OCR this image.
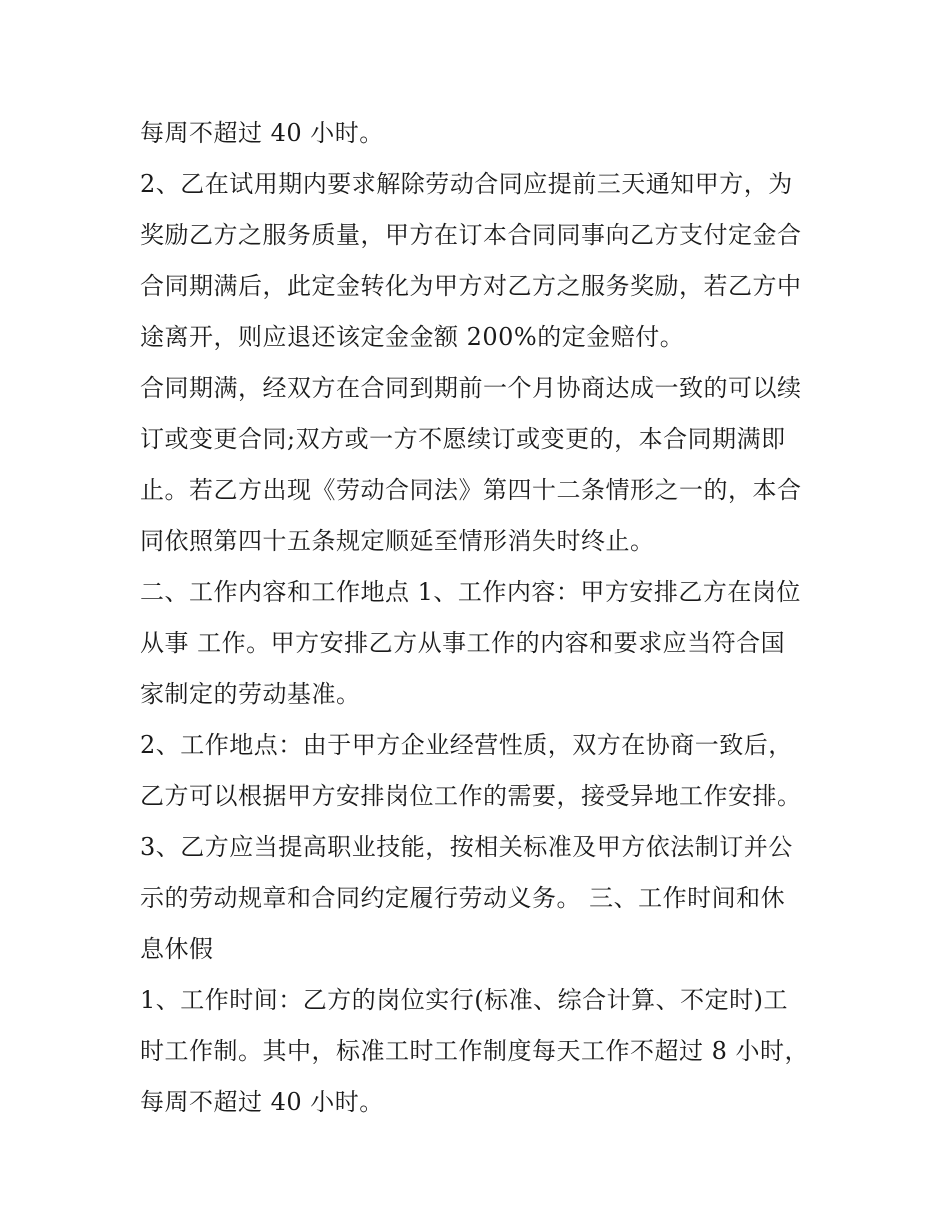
每周不超过 40 小时。
2、乙在试用期内要求解除劳动合同应提前三天通知甲方，为
奖励乙方之服务质量，甲方在订本合同同事向乙方支付定金合
合同期满后，此定金转化为甲方对乙方之服务奖励，若乙方中
途离开，则应退还该定金金额 200%的定金赔付。
合同期满，经双方在合同到期前一个月协商达成一致的可以续
订或变更合同;双方或一方不愿续订或变更的，本合同期满即
止。若乙方出现《劳动合同法》第四十二条情形之一的，本合
同依照第四十五条规定顺延至情形消失时终止。
二、工作内容和工作地点 1、工作内容：甲方安排乙方在岗位
从事 工作。甲方安排乙方从事工作的内容和要求应当符合国
家制定的劳动基准。
2、工作地点：由于甲方企业经营性质，双方在协商一致后，
乙方可以根据甲方安排岗位工作的需要，接受异地工作安排。
3、乙方应当提高职业技能，按相关标准及甲方依法制订并公
示的劳动规章和合同约定履行劳动义务。 三、工作时间和休
息休假
1、工作时间：乙方的岗位实行(标准、综合计算、不定时)工
时工作制。其中，标准工时工作制度每天工作不超过 8 小时，
每周不超过 40 小时。
